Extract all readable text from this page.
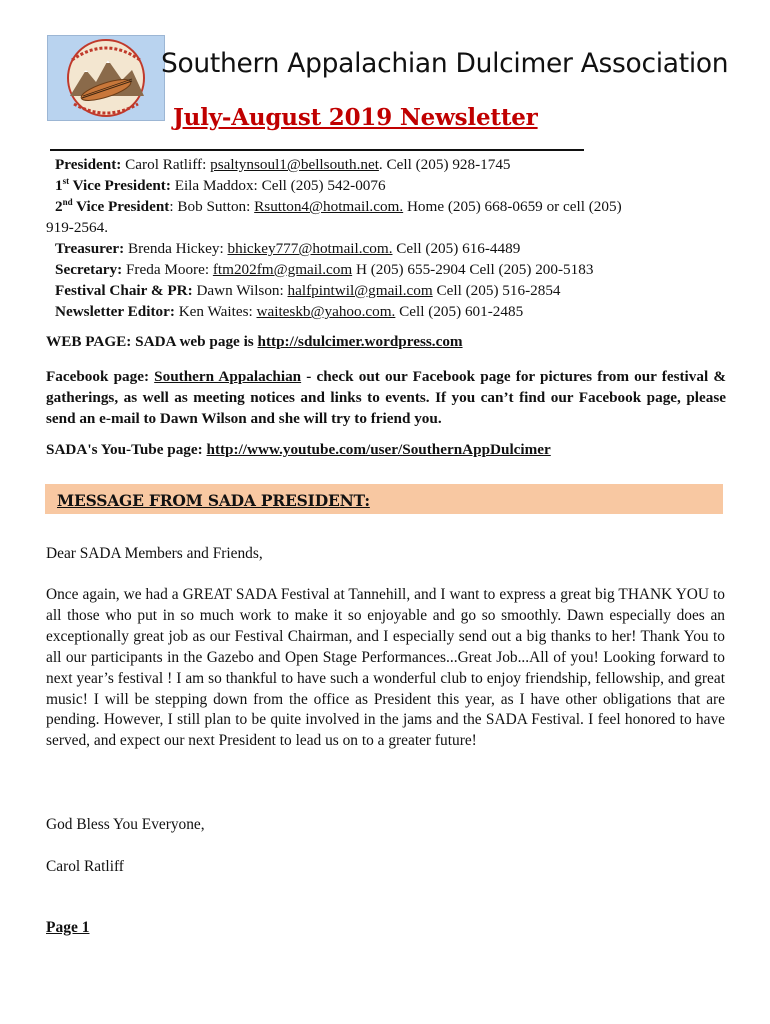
Southern Appalachian Dulcimer Association
July-August 2019 Newsletter
President: Carol Ratliff: psaltynsoul1@bellsouth.net. Cell (205) 928-1745
1st Vice President: Eila Maddox: Cell (205) 542-0076
2nd Vice President: Bob Sutton: Rsutton4@hotmail.com. Home (205) 668-0659 or cell (205)
919-2564.
Treasurer: Brenda Hickey: bhickey777@hotmail.com. Cell (205) 616-4489
Secretary: Freda Moore: ftm202fm@gmail.com H (205) 655-2904 Cell (205) 200-5183
Festival Chair & PR: Dawn Wilson: halfpintwil@gmail.com Cell (205) 516-2854
Newsletter Editor: Ken Waites: waiteskb@yahoo.com. Cell (205) 601-2485
WEB PAGE: SADA web page is http://sdulcimer.wordpress.com
Facebook page: Southern Appalachian - check out our Facebook page for pictures from our festival & gatherings, as well as meeting notices and links to events. If you can’t find our Facebook page, please send an e-mail to Dawn Wilson and she will try to friend you.
SADA's You-Tube page: http://www.youtube.com/user/SouthernAppDulcimer
MESSAGE FROM SADA PRESIDENT:
Dear SADA Members and Friends,
Once again, we had a GREAT SADA Festival at Tannehill, and I want to express a great big THANK YOU to all those who put in so much work to make it so enjoyable and go so smoothly. Dawn especially does an exceptionally great job as our Festival Chairman, and I especially send out a big thanks to her! Thank You to all our participants in the Gazebo and Open Stage Performances...Great Job...All of you! Looking forward to next year’s festival ! I am so thankful to have such a wonderful club to enjoy friendship, fellowship, and great music! I will be stepping down from the office as President this year, as I have other obligations that are pending. However, I still plan to be quite involved in the jams and the SADA Festival. I feel honored to have served, and expect our next President to lead us on to a greater future!
God Bless You Everyone,
Carol Ratliff
Page 1
